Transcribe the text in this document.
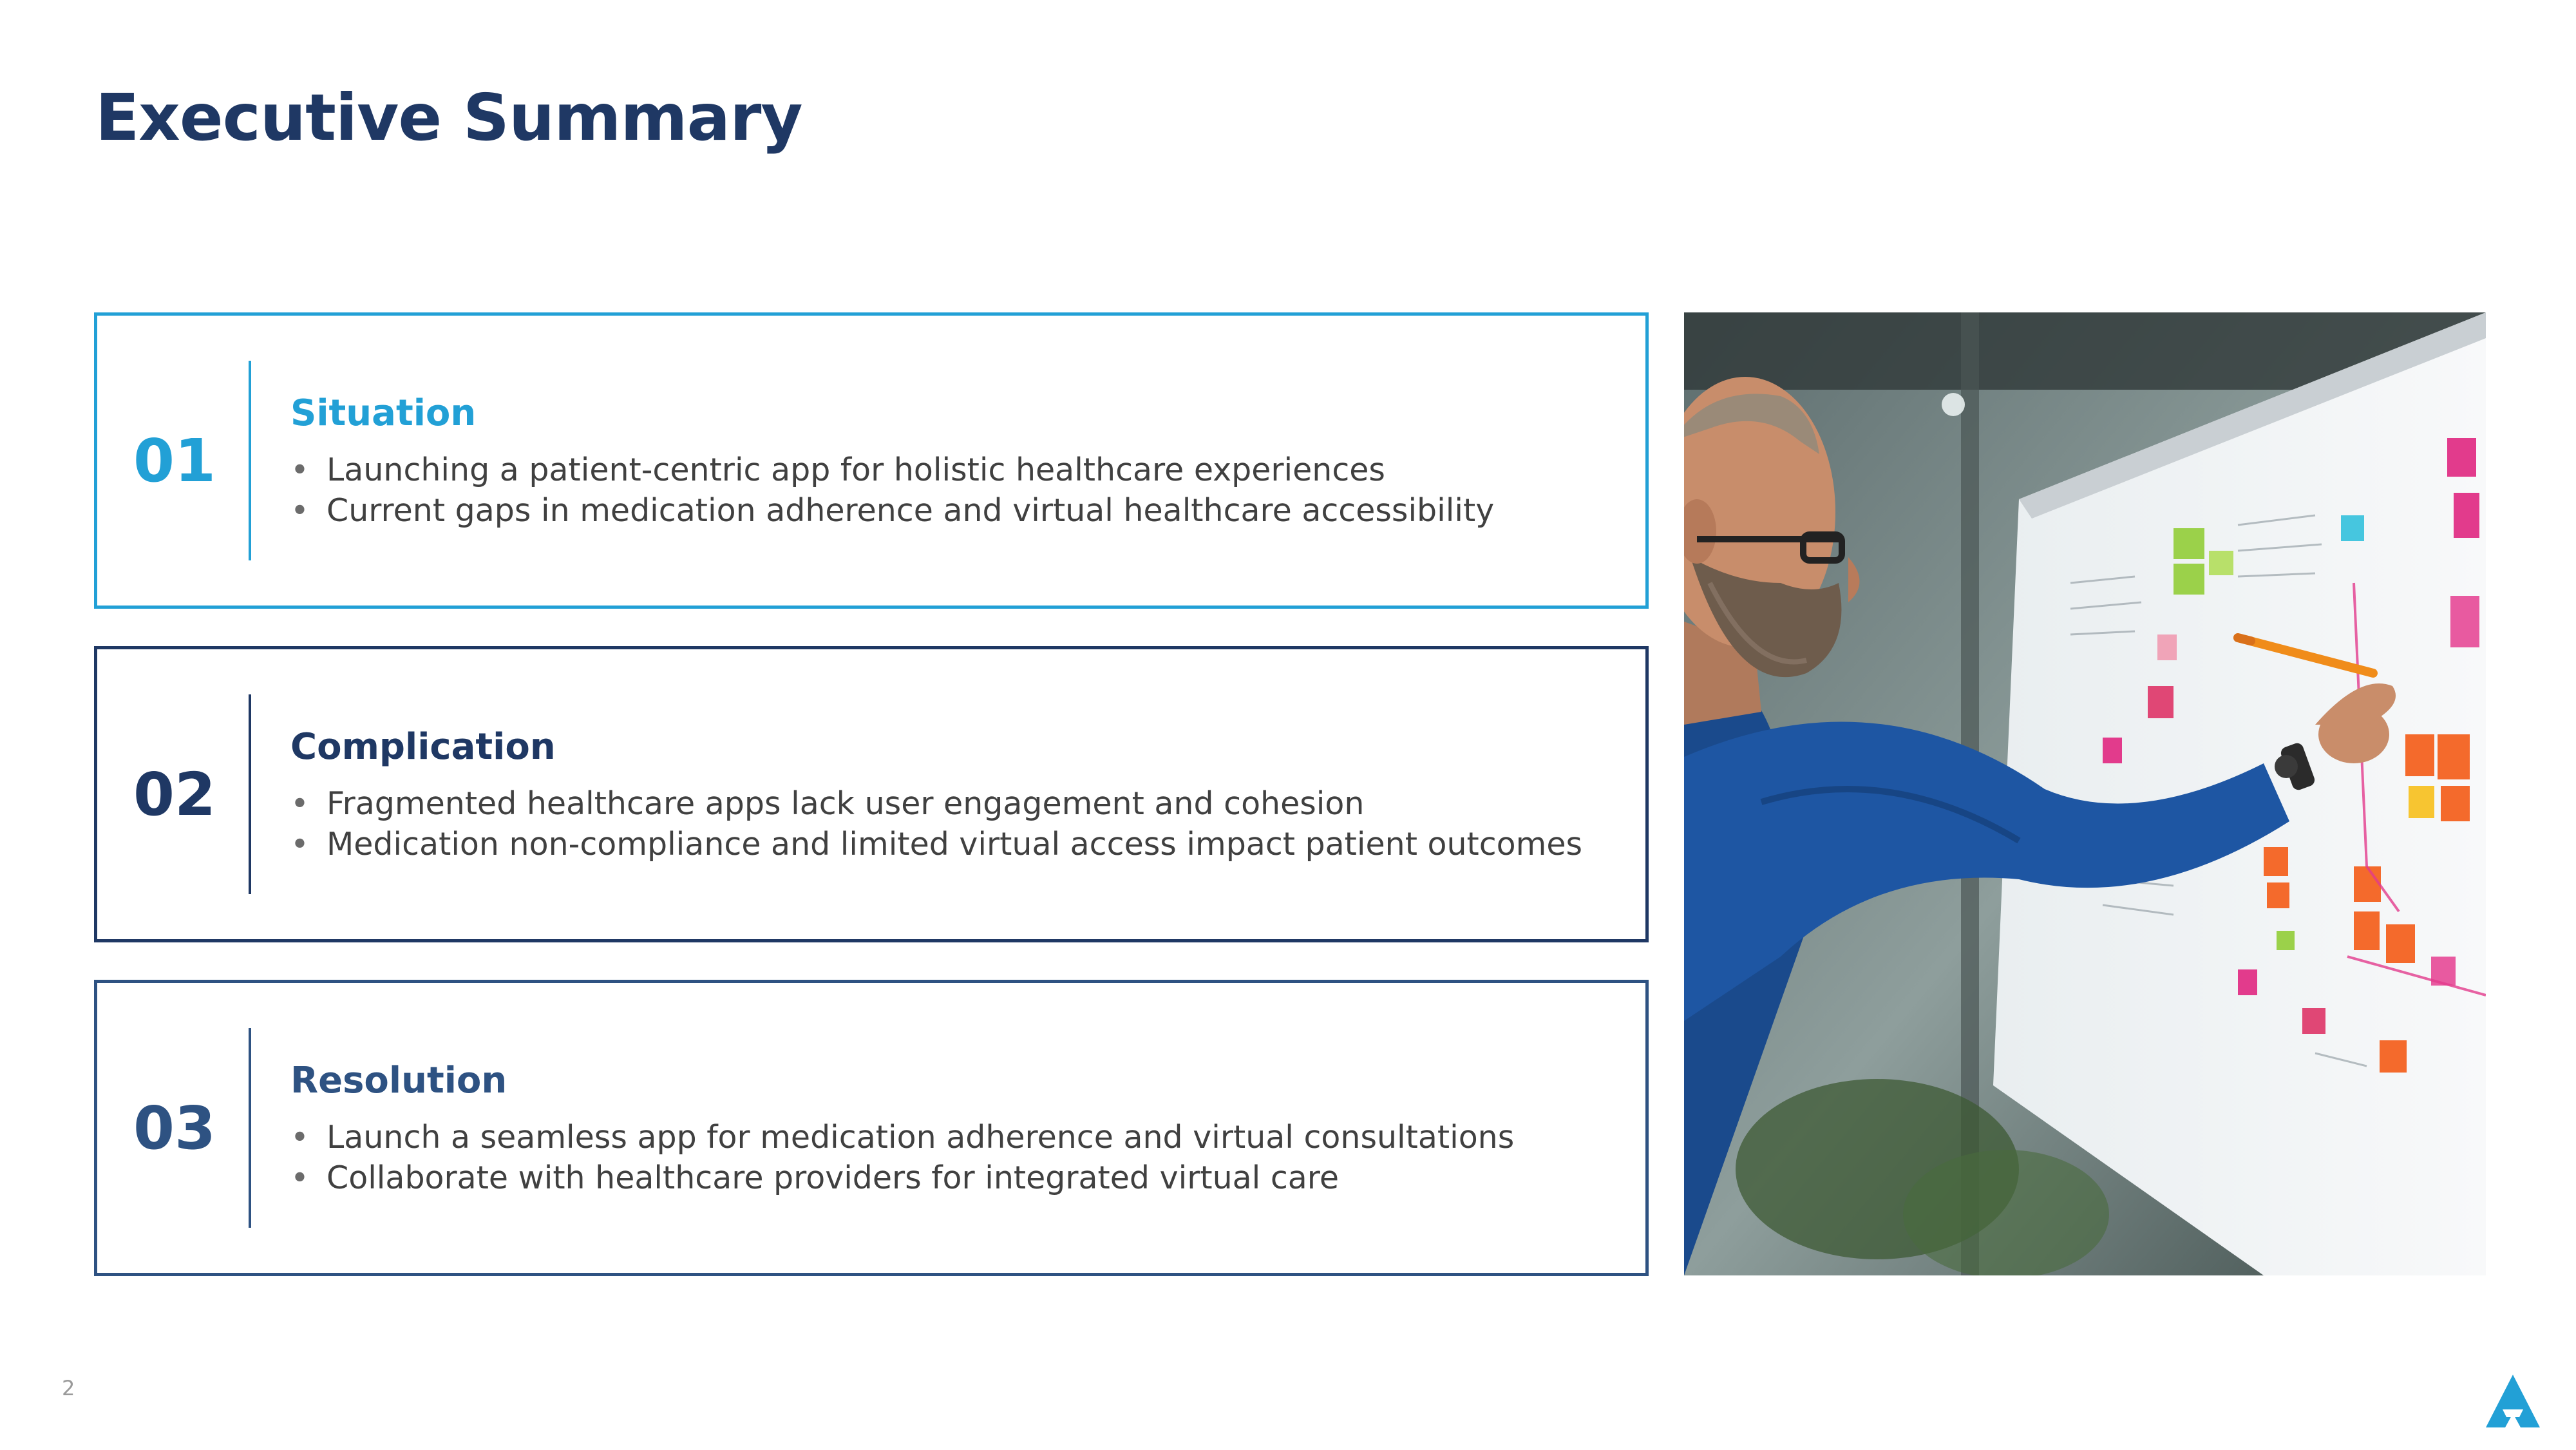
Executive Summary
01
Situation
• Launching a patient-centric app for holistic healthcare experiences
• Current gaps in medication adherence and virtual healthcare accessibility
02
Complication
• Fragmented healthcare apps lack user engagement and cohesion
• Medication non-compliance and limited virtual access impact patient outcomes
03
Resolution
• Launch a seamless app for medication adherence and virtual consultations
• Collaborate with healthcare providers for integrated virtual care
2
